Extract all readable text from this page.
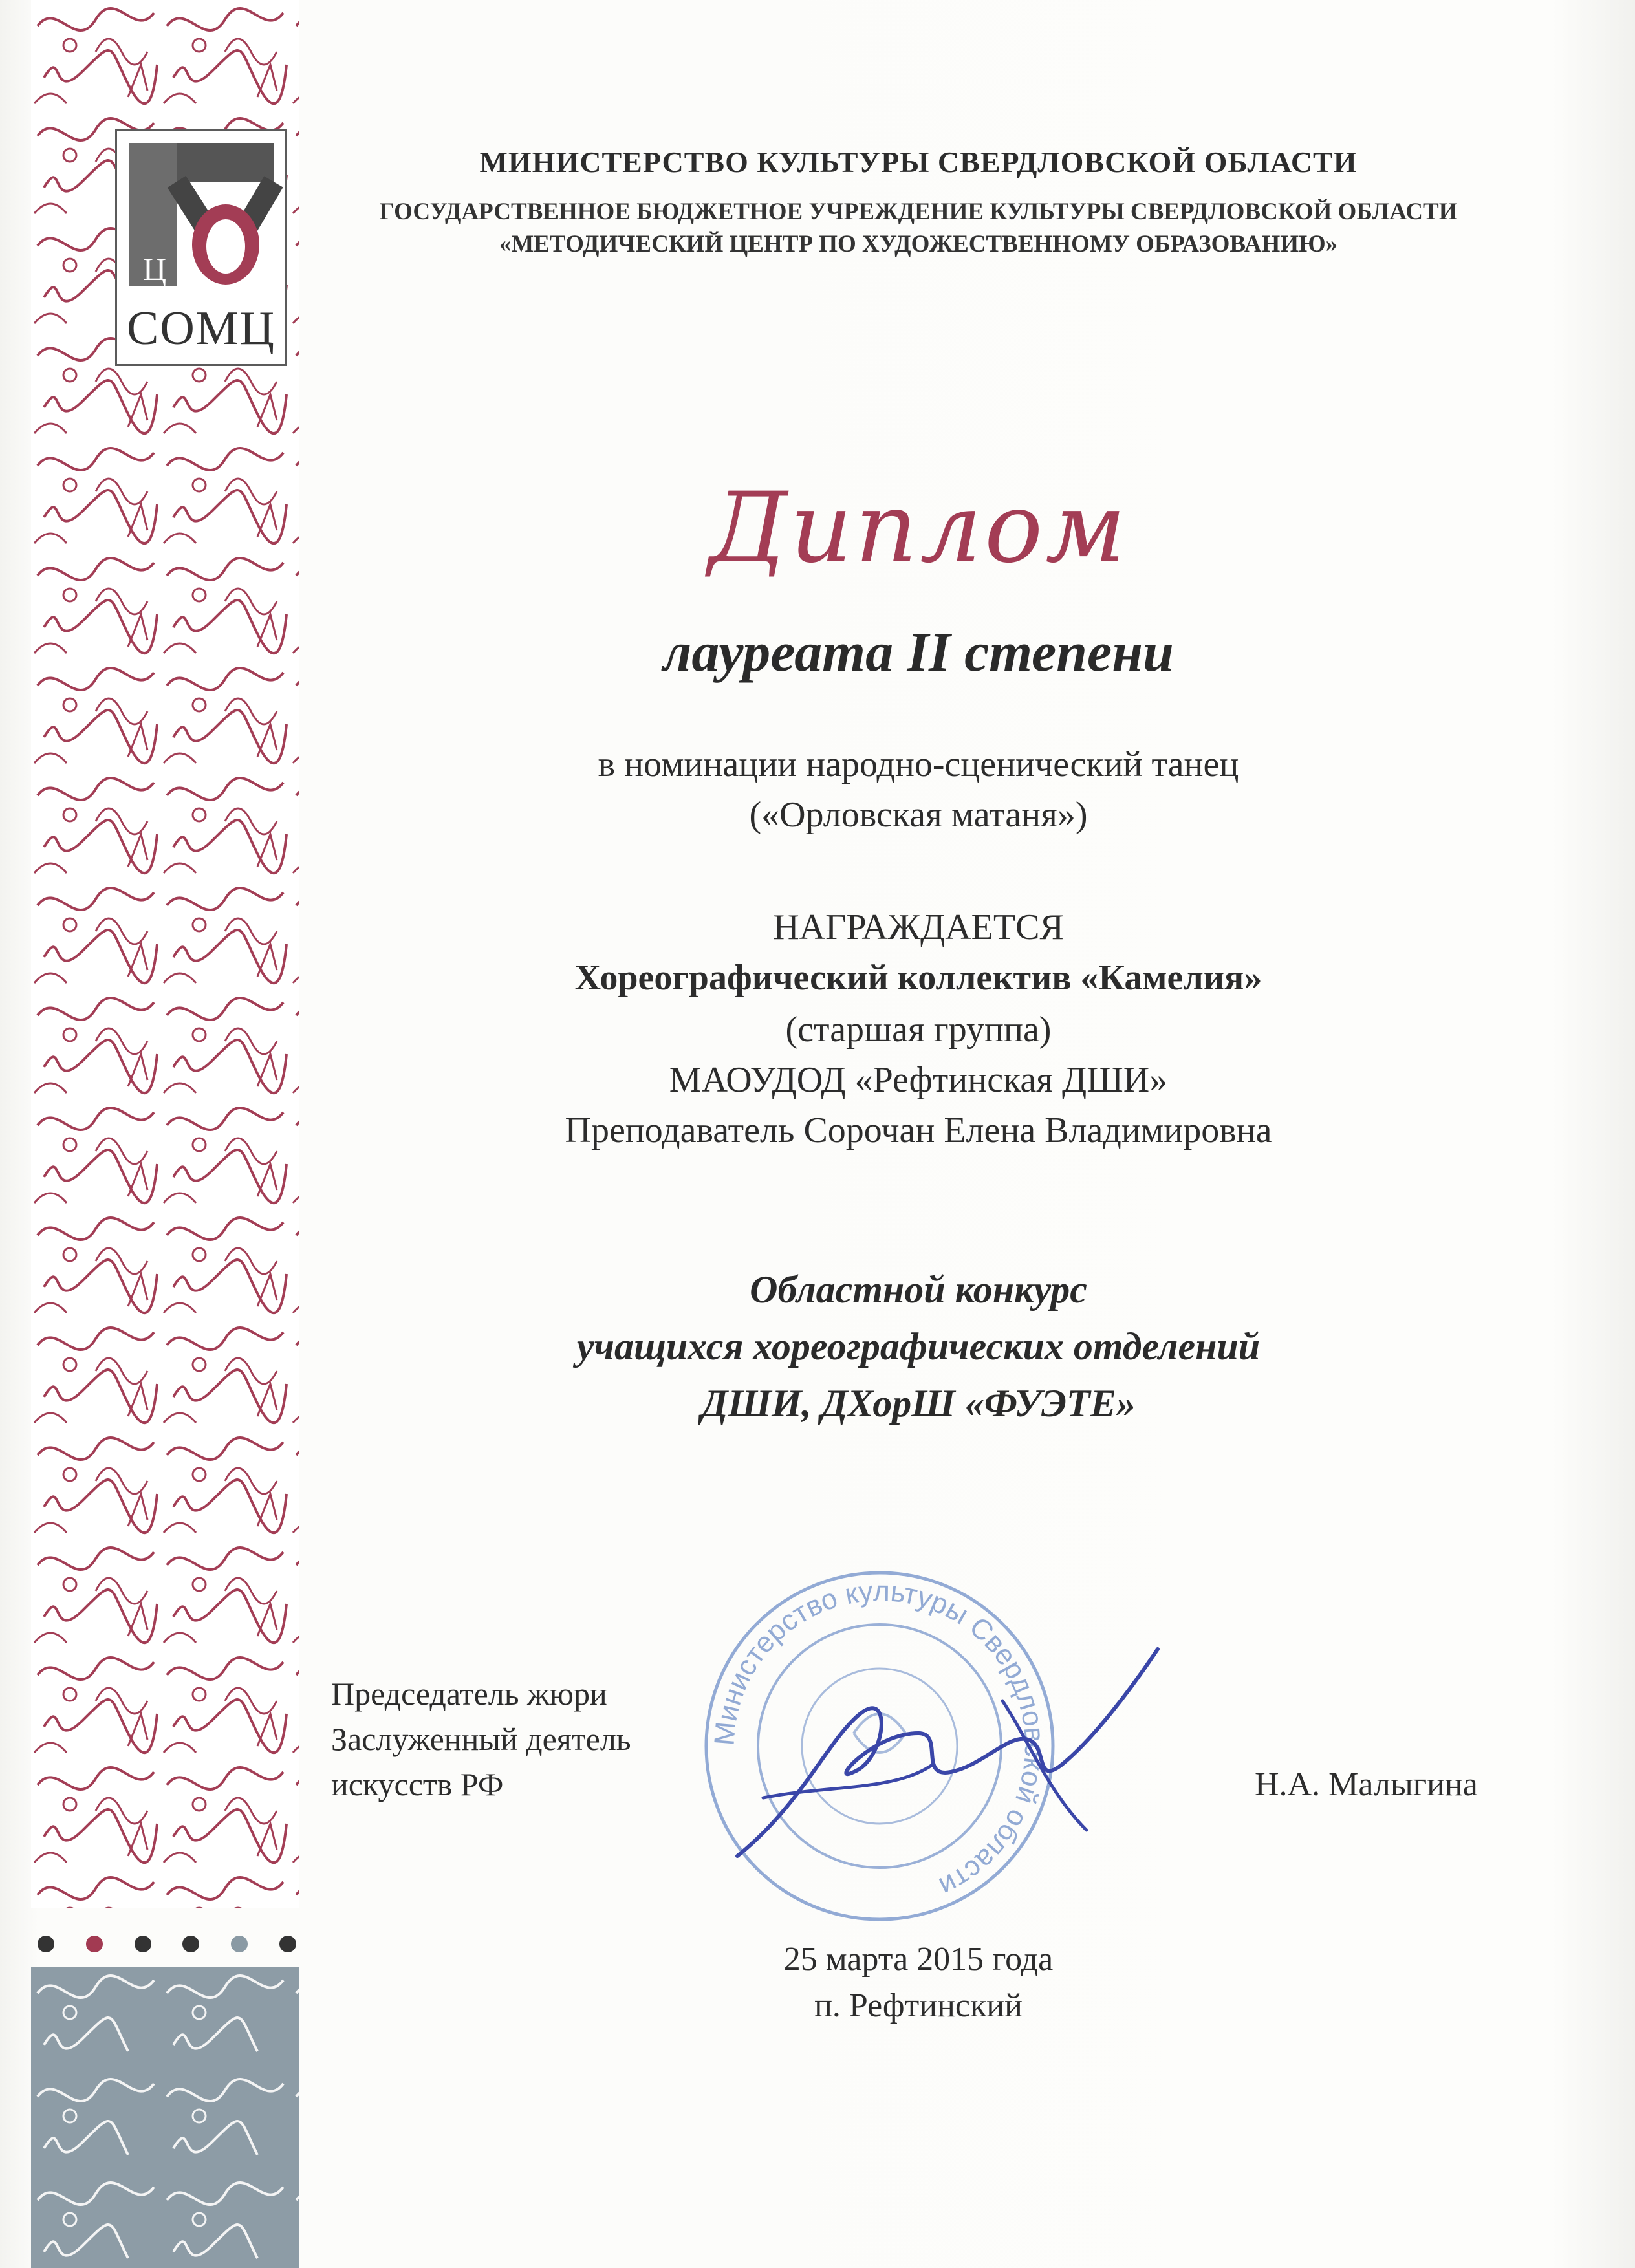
Ц
СОМЦ
МИНИСТЕРСТВО КУЛЬТУРЫ СВЕРДЛОВСКОЙ ОБЛАСТИ
ГОСУДАРСТВЕННОЕ БЮДЖЕТНОЕ УЧРЕЖДЕНИЕ КУЛЬТУРЫ СВЕРДЛОВСКОЙ ОБЛАСТИ
«МЕТОДИЧЕСКИЙ ЦЕНТР ПО ХУДОЖЕСТВЕННОМУ ОБРАЗОВАНИЮ»
Диплом
лауреата II степени
в номинации народно-сценический танец
(«Орловская матаня»)
НАГРАЖДАЕТСЯ
Хореографический коллектив «Камелия»
(старшая группа)
МАОУДОД «Рефтинская ДШИ»
Преподаватель Сорочан Елена Владимировна
Областной конкурс
учащихся хореографических отделений
ДШИ, ДХорШ «ФУЭТЕ»
Министерство культуры Свердловской области
Председатель жюри
Заслуженный деятель
искусств РФ	Н.А. Малыгина
25 марта 2015 года
п. Рефтинский
